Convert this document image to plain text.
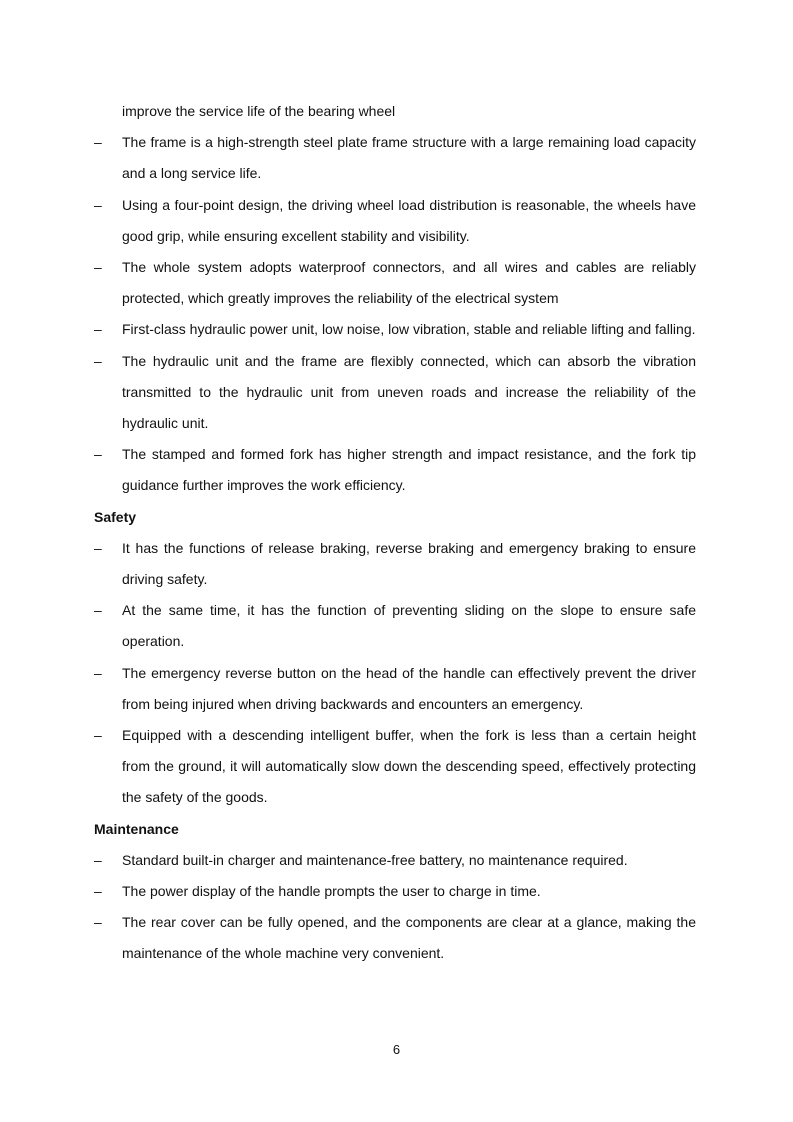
improve the service life of the bearing wheel
– The frame is a high-strength steel plate frame structure with a large remaining load capacity and a long service life.
– Using a four-point design, the driving wheel load distribution is reasonable, the wheels have good grip, while ensuring excellent stability and visibility.
– The whole system adopts waterproof connectors, and all wires and cables are reliably protected, which greatly improves the reliability of the electrical system
– First-class hydraulic power unit, low noise, low vibration, stable and reliable lifting and falling.
– The hydraulic unit and the frame are flexibly connected, which can absorb the vibration transmitted to the hydraulic unit from uneven roads and increase the reliability of the hydraulic unit.
– The stamped and formed fork has higher strength and impact resistance, and the fork tip guidance further improves the work efficiency.
Safety
– It has the functions of release braking, reverse braking and emergency braking to ensure driving safety.
– At the same time, it has the function of preventing sliding on the slope to ensure safe operation.
– The emergency reverse button on the head of the handle can effectively prevent the driver from being injured when driving backwards and encounters an emergency.
– Equipped with a descending intelligent buffer, when the fork is less than a certain height from the ground, it will automatically slow down the descending speed, effectively protecting the safety of the goods.
Maintenance
– Standard built-in charger and maintenance-free battery, no maintenance required.
– The power display of the handle prompts the user to charge in time.
– The rear cover can be fully opened, and the components are clear at a glance, making the maintenance of the whole machine very convenient.
6
